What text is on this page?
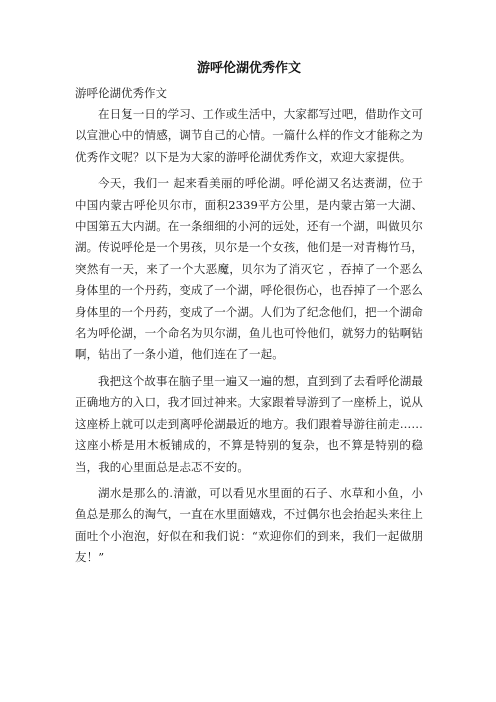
游呼伦湖优秀作文
游呼伦湖优秀作文

在日复一日的学习、工作或生活中，大家都写过吧，借助作文可以宣泄心中的情感，调节自己的心情。一篇什么样的作文才能称之为优秀作文呢？以下是为大家的游呼伦湖优秀作文，欢迎大家提供。

今天，我们一 起来看美丽的呼伦湖。呼伦湖又名达赉湖，位于中国内蒙古呼伦贝尔市，面积2339平方公里，是内蒙古第一大湖、中国第五大内湖。在一条细细的小河的远处，还有一个湖，叫做贝尔湖。传说呼伦是一个男孩，贝尔是一个女孩，他们是一对青梅竹马，突然有一天，来了一个大恶魔，贝尔为了消灭它 ，吞掉了一个恶么身体里的一个丹药，变成了一个湖，呼伦很伤心，也吞掉了一个恶么身体里的一个丹药，变成了一个湖。人们为了纪念他们，把一个湖命名为呼伦湖，一个命名为贝尔湖，鱼儿也可怜他们，就努力的钻啊钻啊，钻出了一条小道，他们连在了一起。

我把这个故事在脑子里一遍又一遍的想，直到到了去看呼伦湖最正确地方的入口，我才回过神来。大家跟着导游到了一座桥上，说从这座桥上就可以走到离呼伦湖最近的地方。我们跟着导游往前走……这座小桥是用木板铺成的，不算是特别的复杂，也不算是特别的稳当，我的心里面总是忐忑不安的。

湖水是那么的.清澈，可以看见水里面的石子、水草和小鱼，小鱼总是那么的淘气，一直在水里面嬉戏，不过偶尔也会抬起头来往上面吐个小泡泡，好似在和我们说：“欢迎你们的到来，我们一起做朋友！”
